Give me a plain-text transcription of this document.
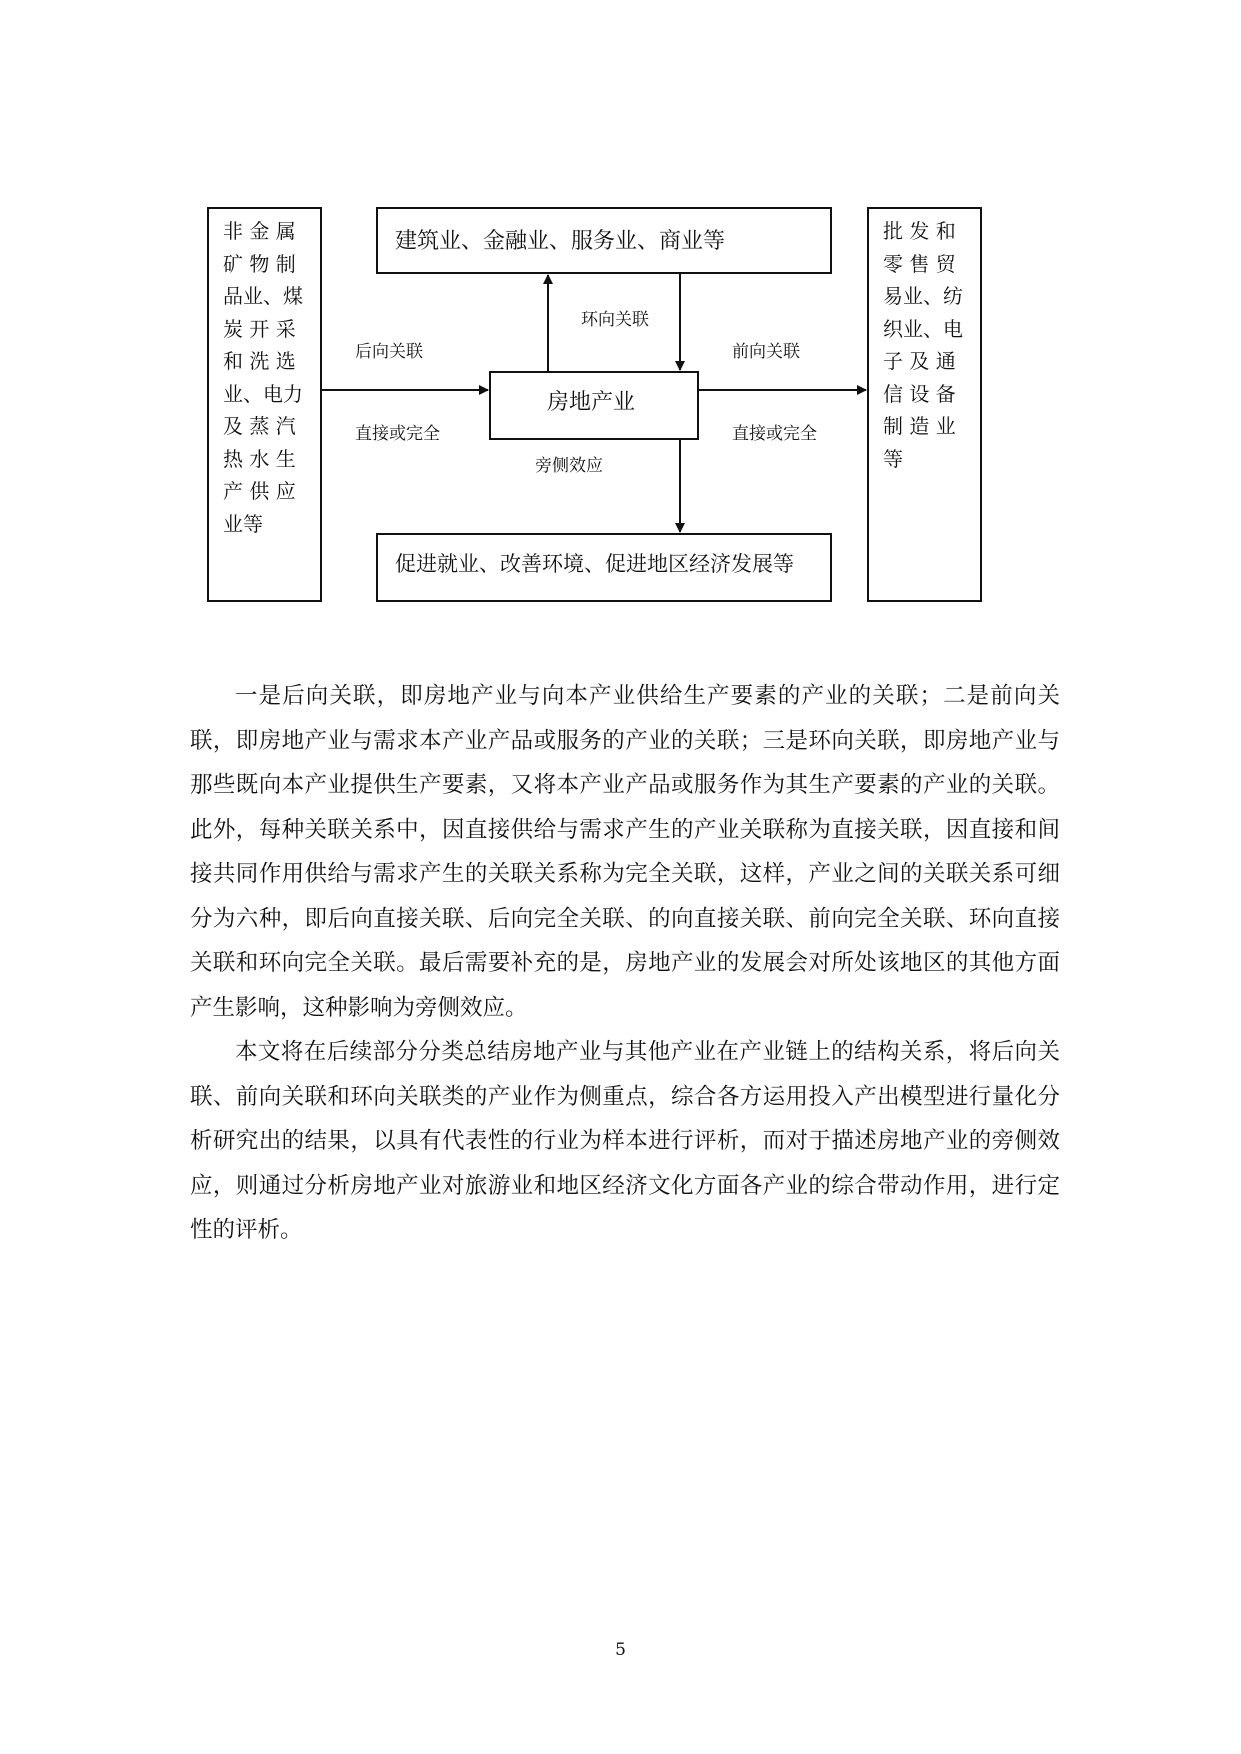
非 金 属
矿 物 制
品业、煤
炭 开 采
和 洗 选
业、电力
及 蒸 汽
热 水 生
产 供 应
业等
批 发 和
零 售 贸
易业、纺
织业、电
子 及 通
信 设 备
制 造 业
等
建筑业、金融业、服务业、商业等
房地产业
促进就业、改善环境、促进地区经济发展等
后向关联
直接或完全
前向关联
直接或完全
环向关联
旁侧效应

一是后向关联，即房地产业与向本产业供给生产要素的产业的关联；二是前向关联，即房地产业与需求本产业产品或服务的产业的关联；三是环向关联，即房地产业与那些既向本产业提供生产要素，又将本产业产品或服务作为其生产要素的产业的关联。此外，每种关联关系中，因直接供给与需求产生的产业关联称为直接关联，因直接和间接共同作用供给与需求产生的关联关系称为完全关联，这样，产业之间的关联关系可细分为六种，即后向直接关联、后向完全关联、的向直接关联、前向完全关联、环向直接关联和环向完全关联。最后需要补充的是，房地产业的发展会对所处该地区的其他方面产生影响，这种影响为旁侧效应。

本文将在后续部分分类总结房地产业与其他产业在产业链上的结构关系，将后向关联、前向关联和环向关联类的产业作为侧重点，综合各方运用投入产出模型进行量化分析研究出的结果，以具有代表性的行业为样本进行评析，而对于描述房地产业的旁侧效应，则通过分析房地产业对旅游业和地区经济文化方面各产业的综合带动作用，进行定性的评析。

5
